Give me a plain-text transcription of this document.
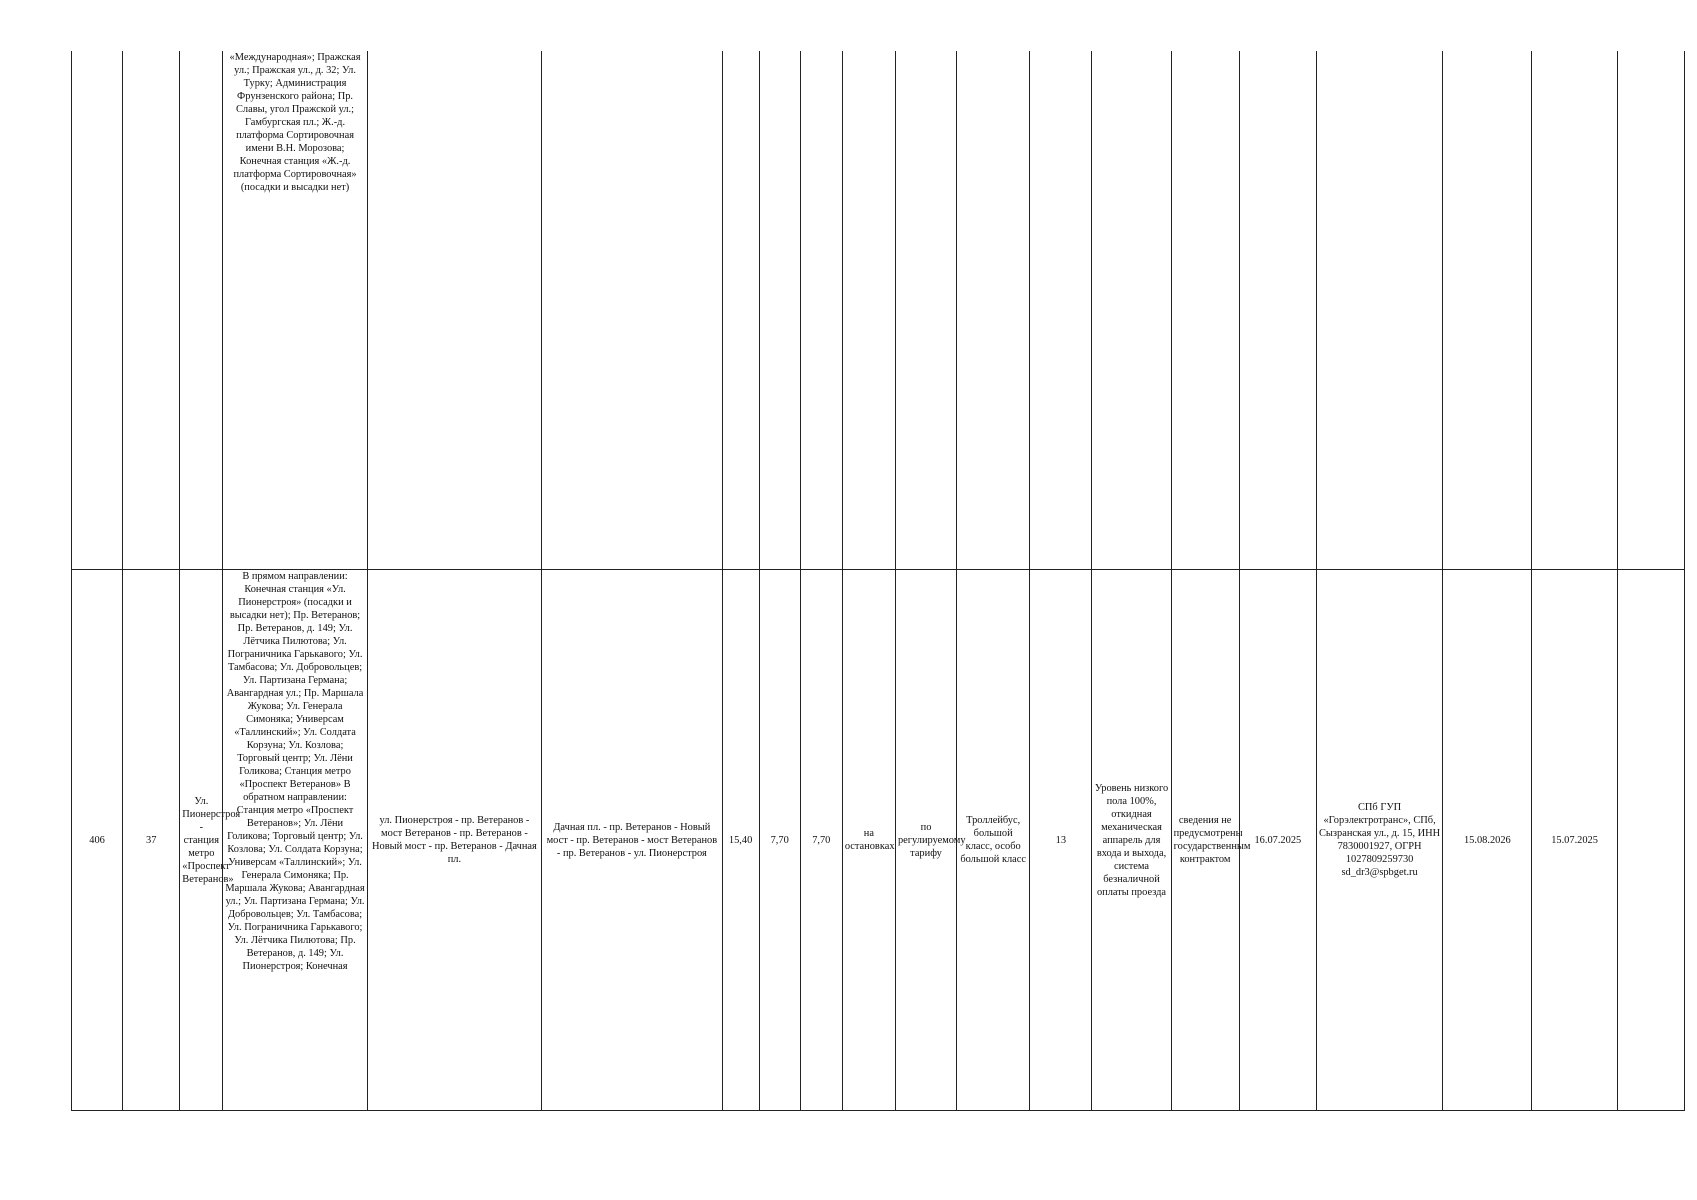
			«Международная»; Пражская ул.; Пражская ул., д. 32; Ул. Турку; Администрация Фрунзенского района; Пр. Славы, угол Пражской ул.; Гамбургская пл.; Ж.-д. платформа Сортировочная имени В.Н. Морозова; Конечная станция «Ж.-д. платформа Сортировочная» (посадки и высадки нет)																

406	37	Ул. Пионерстроя - станция метро «Проспект Ветеранов»	В прямом направлении: Конечная станция «Ул. Пионерстроя» (посадки и высадки нет); Пр. Ветеранов; Пр. Ветеранов, д. 149; Ул. Лётчика Пилютова; Ул. Пограничника Гарькавого; Ул. Тамбасова; Ул. Добровольцев; Ул. Партизана Германа; Авангардная ул.; Пр. Маршала Жукова; Ул. Генерала Симоняка; Универсам «Таллинский»; Ул. Солдата Корзуна; Ул. Козлова; Торговый центр; Ул. Лёни Голикова; Станция метро «Проспект Ветеранов» В обратном направлении: Станция метро «Проспект Ветеранов»; Ул. Лёни Голикова; Торговый центр; Ул. Козлова; Ул. Солдата Корзуна; Универсам «Таллинский»; Ул. Генерала Симоняка; Пр. Маршала Жукова; Авангардная ул.; Ул. Партизана Германа; Ул. Добровольцев; Ул. Тамбасова; Ул. Пограничника Гарькавого; Ул. Лётчика Пилютова; Пр. Ветеранов, д. 149; Ул. Пионерстроя; Конечная	ул. Пионерстроя - пр. Ветеранов - мост Ветеранов - пр. Ветеранов - Новый мост - пр. Ветеранов - Дачная пл.	Дачная пл. - пр. Ветеранов - Новый мост - пр. Ветеранов - мост Ветеранов - пр. Ветеранов - ул. Пионерстроя	15,40	7,70	7,70	на остановках	по регулируемому тарифу	Троллейбус, большой класс, особо большой класс	13	Уровень низкого пола 100%, откидная механическая аппарель для входа и выхода, система безналичной оплаты проезда	сведения не предусмотрены государственным контрактом	16.07.2025	СПб ГУП «Горэлектротранс», СПб, Сызранская ул., д. 15, ИНН 7830001927, ОГРН 1027809259730 sd_dr3@spbget.ru	15.08.2026	15.07.2025	
